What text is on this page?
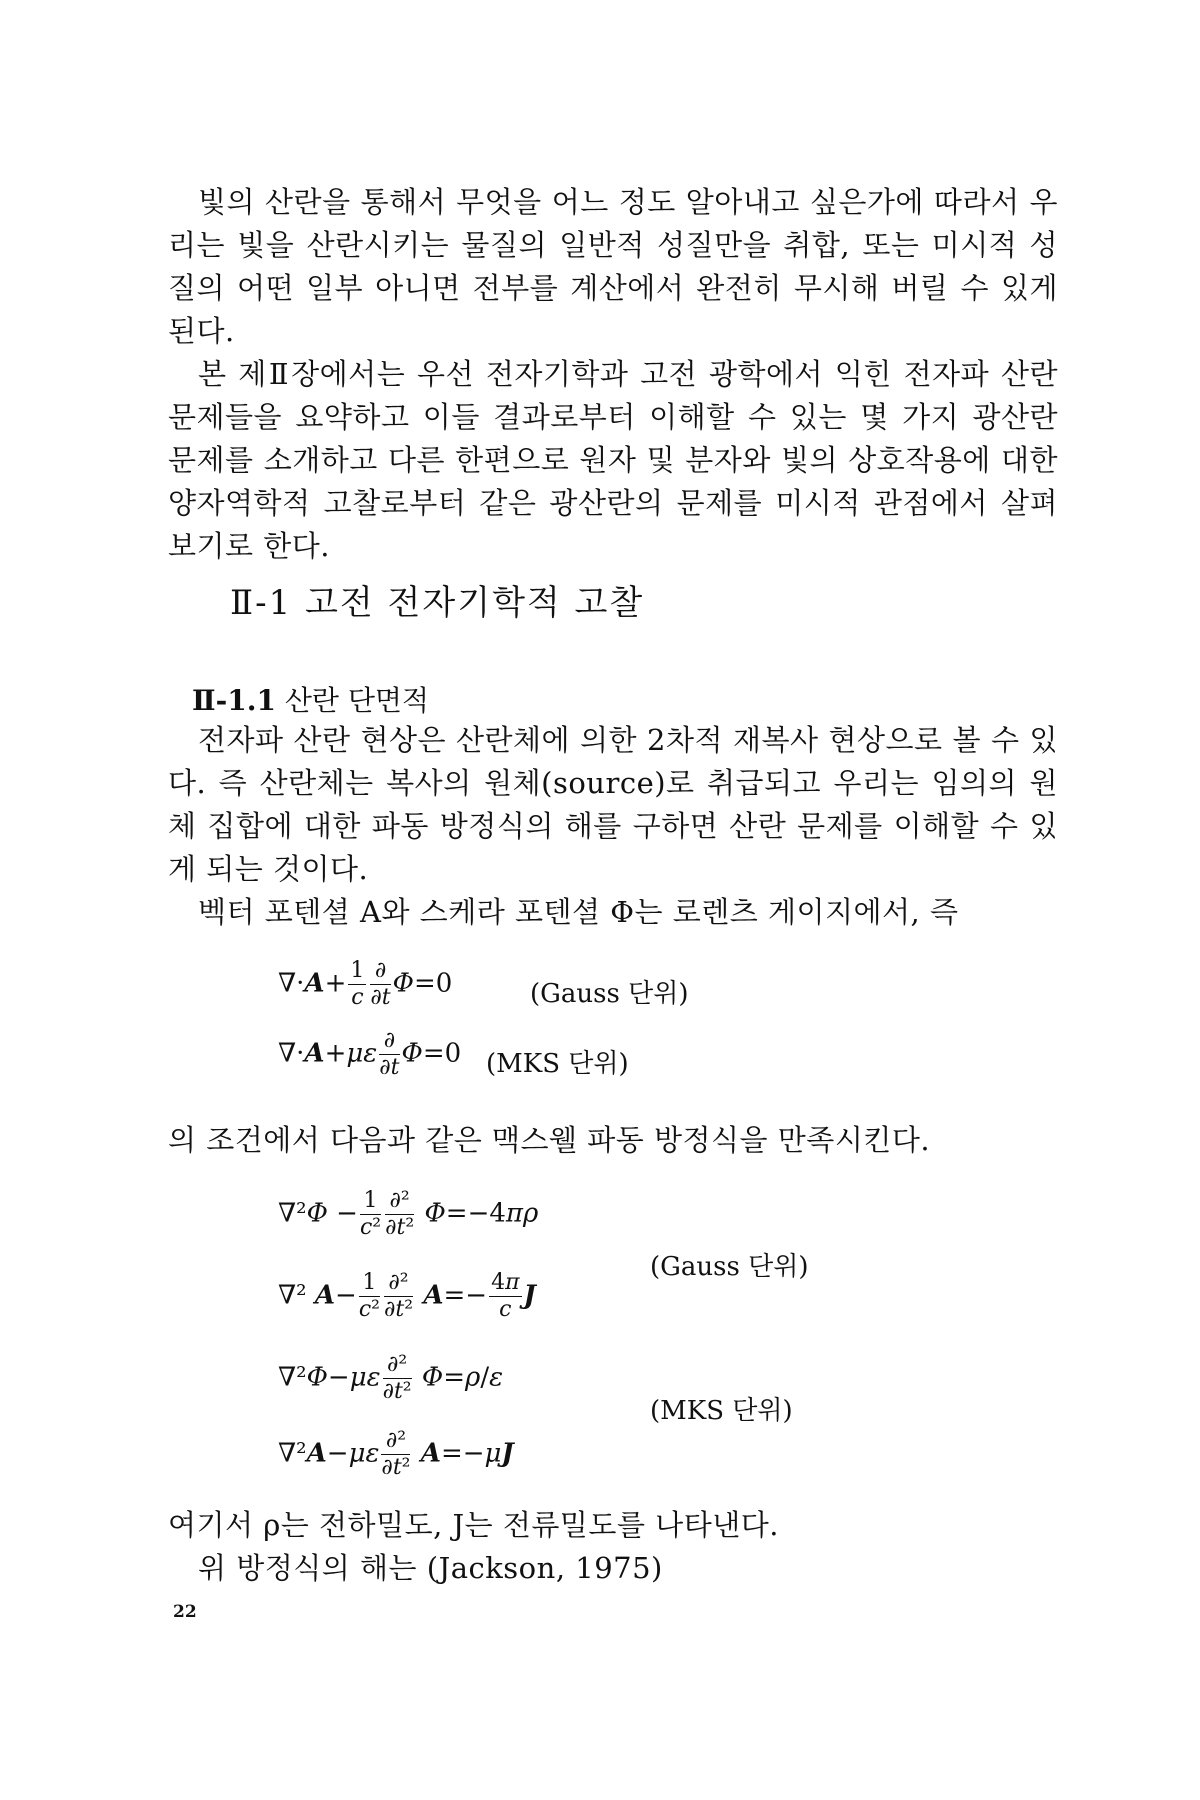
빛의 산란을 통해서 무엇을 어느 정도 알아내고 싶은가에 따라서 우리는 빛을 산란시키는 물질의 일반적 성질만을 취합, 또는 미시적 성질의 어떤 일부 아니면 전부를 계산에서 완전히 무시해 버릴 수 있게 된다.

본 제Ⅱ장에서는 우선 전자기학과 고전 광학에서 익힌 전자파 산란 문제들을 요약하고 이들 결과로부터 이해할 수 있는 몇 가지 광산란 문제를 소개하고 다른 한편으로 원자 및 분자와 빛의 상호작용에 대한 양자역학적 고찰로부터 같은 광산란의 문제를 미시적 관점에서 살펴보기로 한다.

Ⅱ-1 고전 전자기학적 고찰
Ⅱ-1.1 산란 단면적

전자파 산란 현상은 산란체에 의한 2차적 재복사 현상으로 볼 수 있다. 즉 산란체는 복사의 원체(source)로 취급되고 우리는 임의의 원체 집합에 대한 파동 방정식의 해를 구하면 산란 문제를 이해할 수 있게 되는 것이다.

벡터 포텐셜 A와 스케라 포텐셜 Φ는 로렌츠 게이지에서, 즉

$\nabla\cdot A+ \frac{1}{c} \frac{\partial}{\partial t} \Phi=0$	(Gauss 단위)
$\nabla\cdot A+\mu\varepsilon \frac{\partial}{\partial t} \Phi=0$ (MKS 단위)

의 조건에서 다음과 같은 맥스웰 파동 방정식을 만족시킨다.

$\nabla^2\Phi - \frac{1}{\text{c²}} \frac{\text{∂²}}{\text{∂t²}} \Phi=-4\pi\rho$
∇² $A- \frac{1}{\text{c²}} \frac{\text{∂²}}{\text{∂t²}} A=- \frac{4\pi}{c}$ J
(Gauss 단위)
$\nabla^2\Phi-\mu\varepsilon \frac{\text{∂²}}{\text{∂t²}} \Phi=\rho/\varepsilon$
$\nabla^2A-\mu\varepsilon \frac{\text{∂²}}{\text{∂t²}} A=-\mu J$
(MKS 단위)

여기서 ρ는 전하밀도, J는 전류밀도를 나타낸다.

위 방정식의 해는 (Jackson, 1975)

22
